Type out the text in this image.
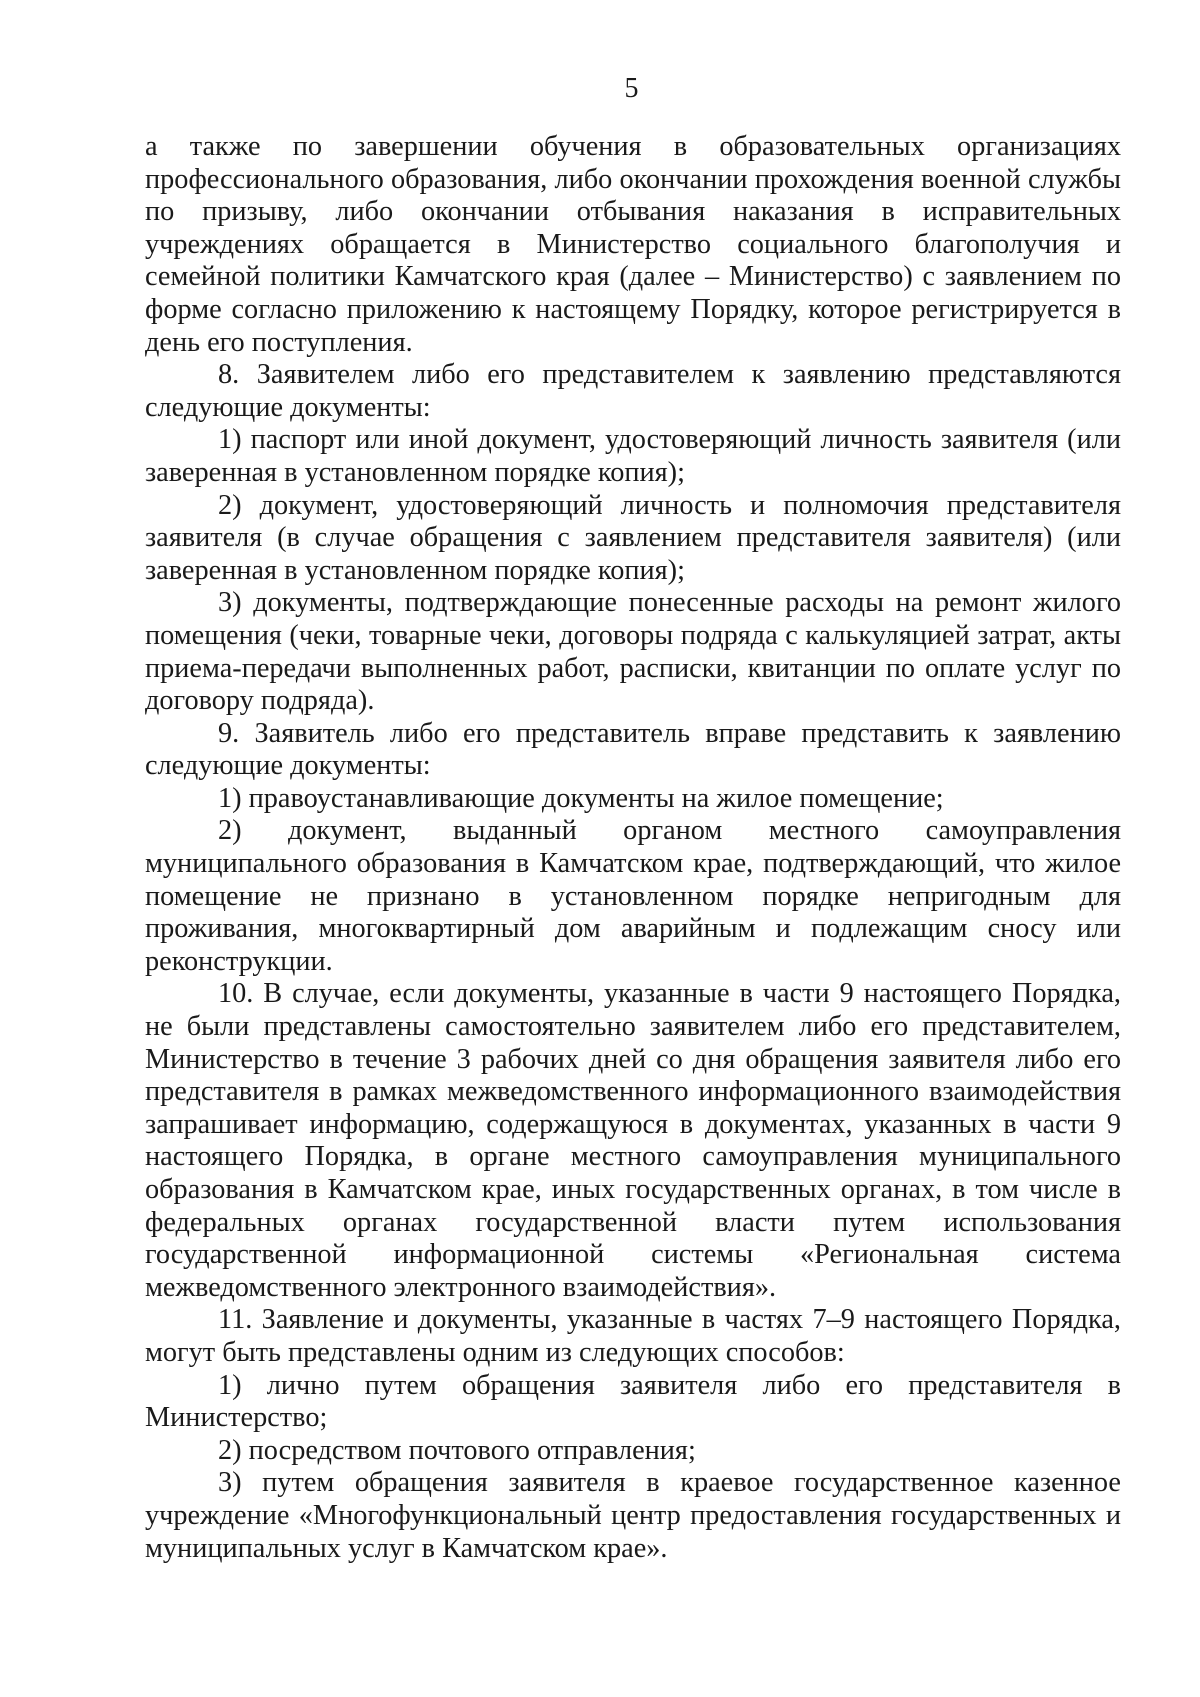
5

а также по завершении обучения в образовательных организациях профессионального образования, либо окончании прохождения военной службы по призыву, либо окончании отбывания наказания в исправительных учреждениях обращается в Министерство социального благополучия и семейной политики Камчатского края (далее – Министерство) с заявлением по форме согласно приложению к настоящему Порядку, которое регистрируется в день его поступления.

8. Заявителем либо его представителем к заявлению представляются следующие документы:

1) паспорт или иной документ, удостоверяющий личность заявителя (или заверенная в установленном порядке копия);

2) документ, удостоверяющий личность и полномочия представителя заявителя (в случае обращения с заявлением представителя заявителя) (или заверенная в установленном порядке копия);

3) документы, подтверждающие понесенные расходы на ремонт жилого помещения (чеки, товарные чеки, договоры подряда с калькуляцией затрат, акты приема-передачи выполненных работ, расписки, квитанции по оплате услуг по договору подряда).

9. Заявитель либо его представитель вправе представить к заявлению следующие документы:

1) правоустанавливающие документы на жилое помещение;

2) документ, выданный органом местного самоуправления муниципального образования в Камчатском крае, подтверждающий, что жилое помещение не признано в установленном порядке непригодным для проживания, многоквартирный дом аварийным и подлежащим сносу или реконструкции.

10. В случае, если документы, указанные в части 9 настоящего Порядка, не были представлены самостоятельно заявителем либо его представителем, Министерство в течение 3 рабочих дней со дня обращения заявителя либо его представителя в рамках межведомственного информационного взаимодействия запрашивает информацию, содержащуюся в документах, указанных в части 9 настоящего Порядка, в органе местного самоуправления муниципального образования в Камчатском крае, иных государственных органах, в том числе в федеральных органах государственной власти путем использования государственной информационной системы «Региональная система межведомственного электронного взаимодействия».

11. Заявление и документы, указанные в частях 7–9 настоящего Порядка, могут быть представлены одним из следующих способов:

1) лично путем обращения заявителя либо его представителя в Министерство;

2) посредством почтового отправления;

3) путем обращения заявителя в краевое государственное казенное учреждение «Многофункциональный центр предоставления государственных и муниципальных услуг в Камчатском крае».
